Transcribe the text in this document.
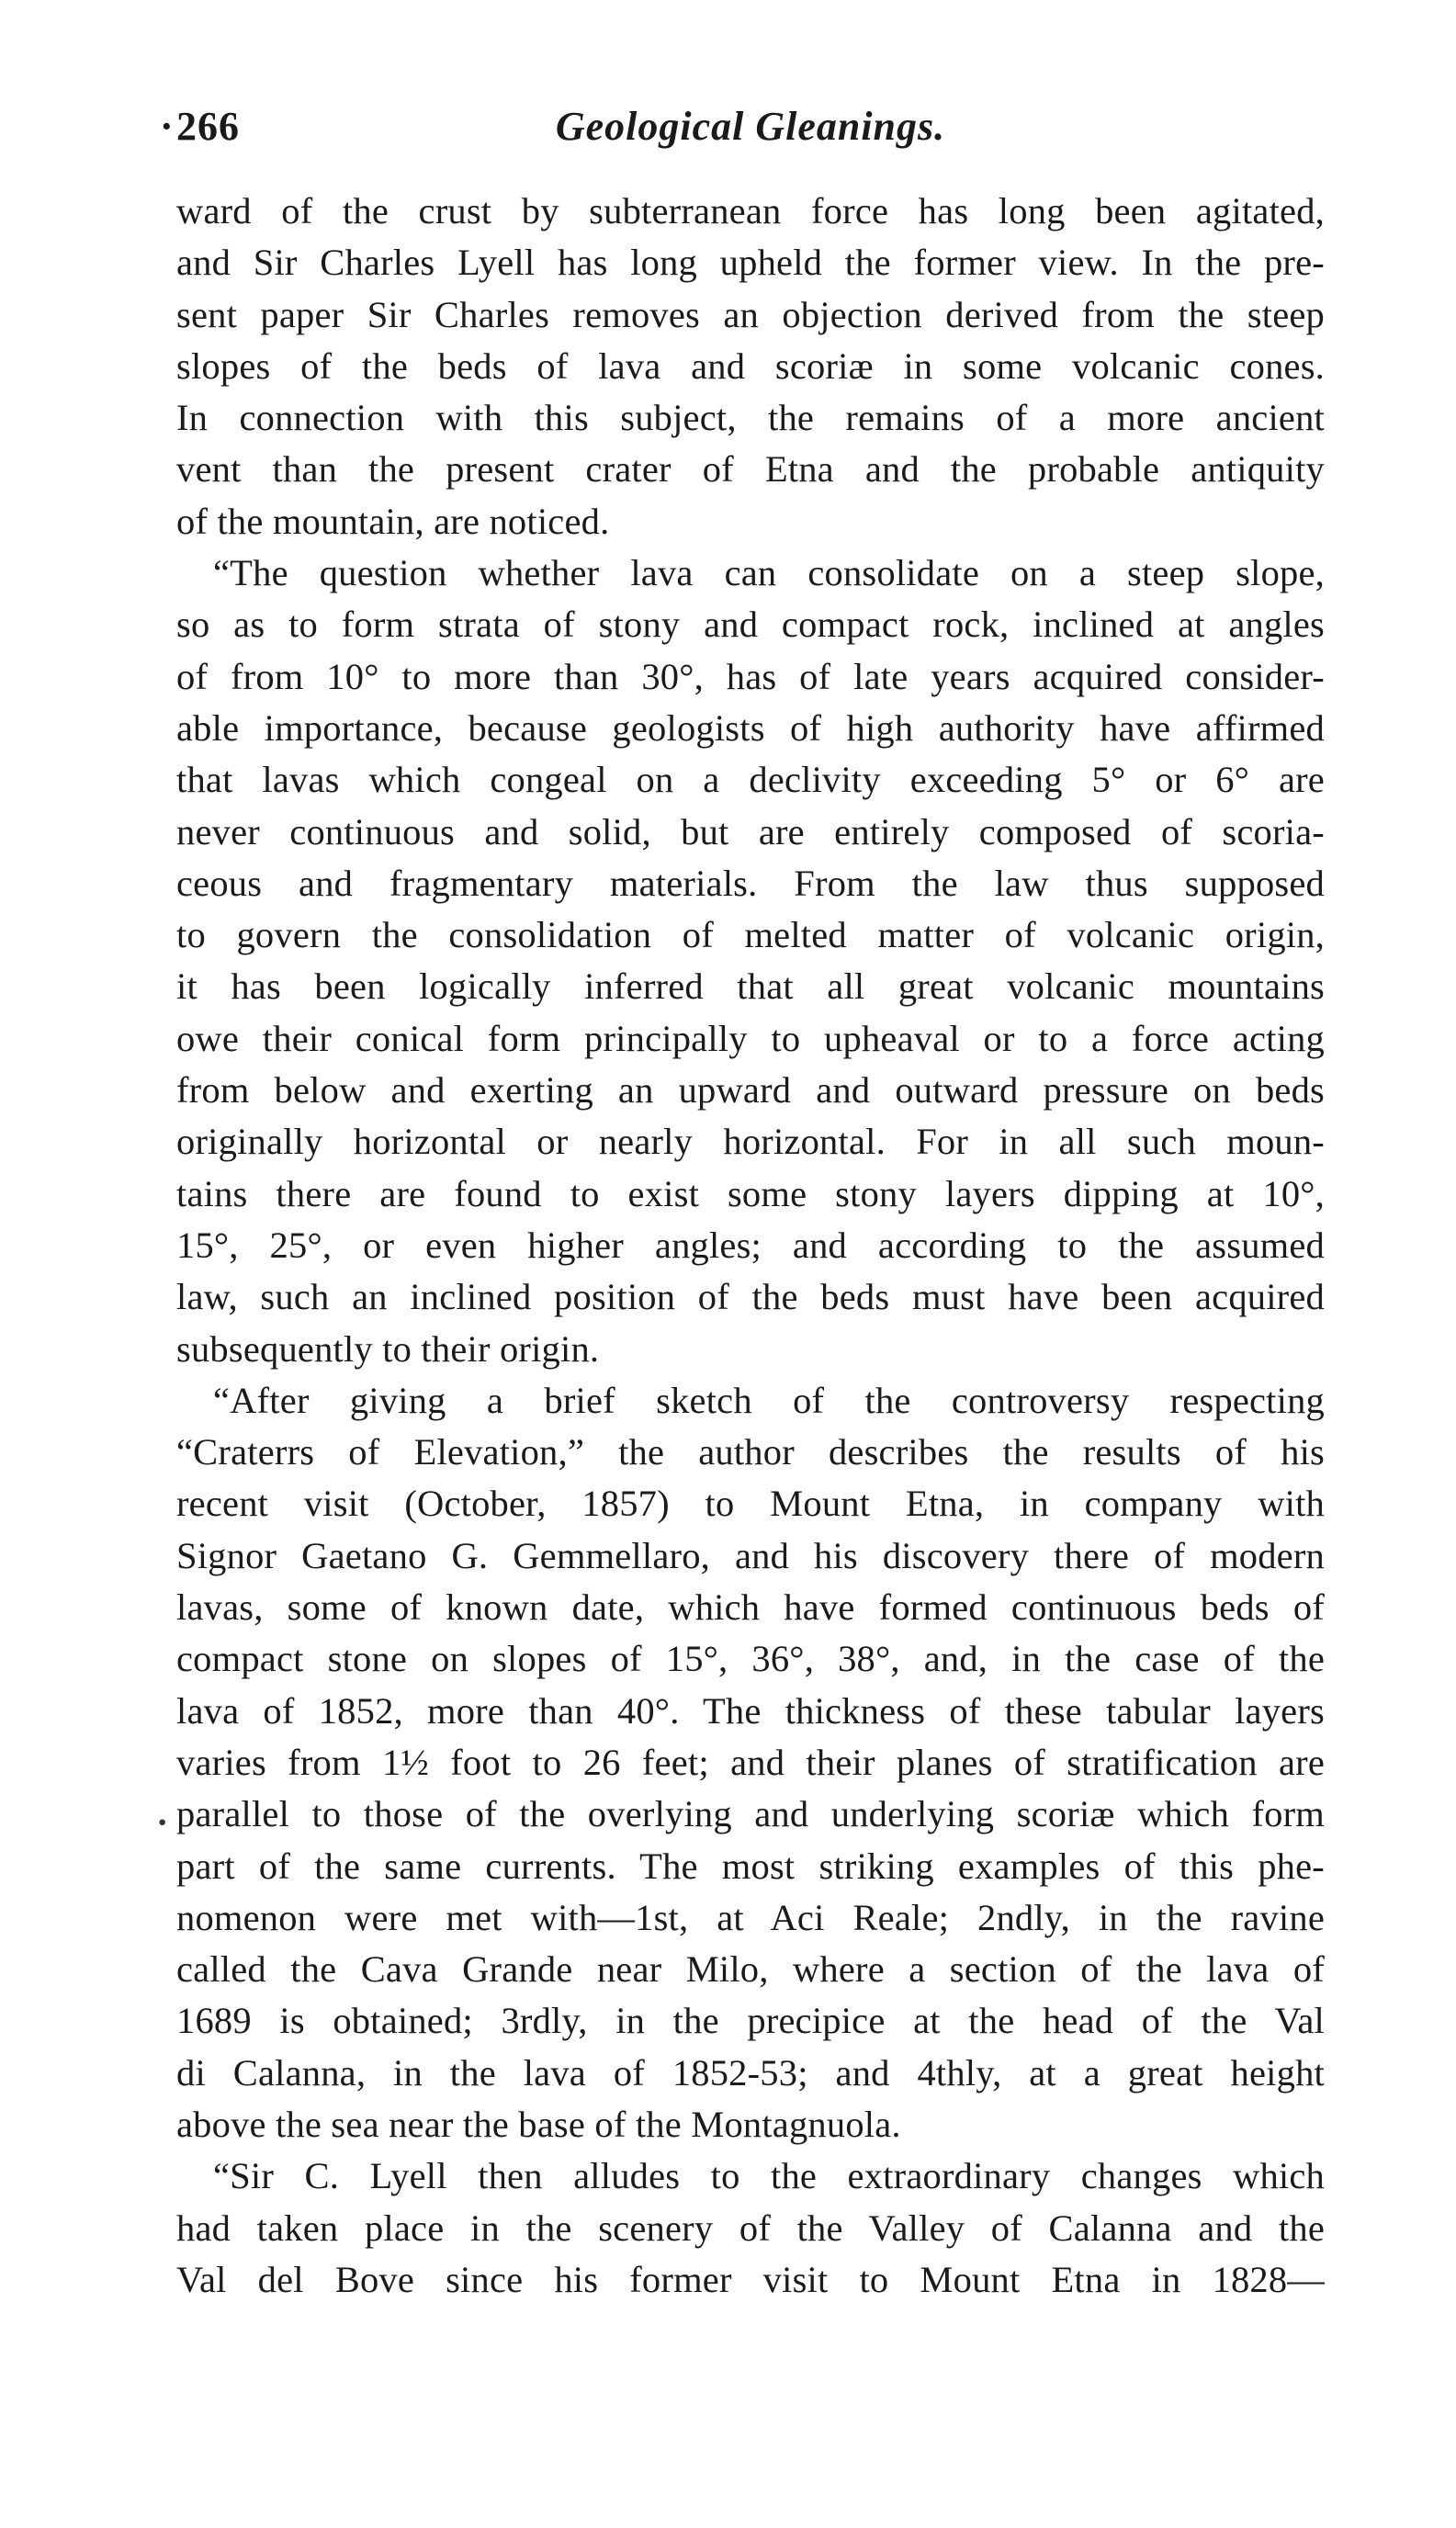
· 266	Geological Gleanings.
·
ward of the crust by subterranean force has long been agitated,
and Sir Charles Lyell has long upheld the former view. In the pre-
sent paper Sir Charles removes an objection derived from the steep
slopes of the beds of lava and scoriæ in some volcanic cones.
In connection with this subject, the remains of a more ancient
vent than the present crater of Etna and the probable antiquity
of the mountain, are noticed.
“The question whether lava can consolidate on a steep slope,
so as to form strata of stony and compact rock, inclined at angles
of from 10° to more than 30°, has of late years acquired consider-
able importance, because geologists of high authority have affirmed
that lavas which congeal on a declivity exceeding 5° or 6° are
never continuous and solid, but are entirely composed of scoria-
ceous and fragmentary materials. From the law thus supposed
to govern the consolidation of melted matter of volcanic origin,
it has been logically inferred that all great volcanic mountains
owe their conical form principally to upheaval or to a force acting
from below and exerting an upward and outward pressure on beds
originally horizontal or nearly horizontal. For in all such moun-
tains there are found to exist some stony layers dipping at 10°,
15°, 25°, or even higher angles; and according to the assumed
law, such an inclined position of the beds must have been acquired
subsequently to their origin.
“After giving a brief sketch of the controversy respecting
“Craterrs of Elevation,” the author describes the results of his
recent visit (October, 1857) to Mount Etna, in company with
Signor Gaetano G. Gemmellaro, and his discovery there of modern
lavas, some of known date, which have formed continuous beds of
compact stone on slopes of 15°, 36°, 38°, and, in the case of the
lava of 1852, more than 40°. The thickness of these tabular layers
varies from 1½ foot to 26 feet; and their planes of stratification are
parallel to those of the overlying and underlying scoriæ which form
part of the same currents. The most striking examples of this phe-
nomenon were met with—1st, at Aci Reale; 2ndly, in the ravine
called the Cava Grande near Milo, where a section of the lava of
1689 is obtained; 3rdly, in the precipice at the head of the Val
di Calanna, in the lava of 1852-53; and 4thly, at a great height
above the sea near the base of the Montagnuola.
“Sir C. Lyell then alludes to the extraordinary changes which
had taken place in the scenery of the Valley of Calanna and the
Val del Bove since his former visit to Mount Etna in 1828—
